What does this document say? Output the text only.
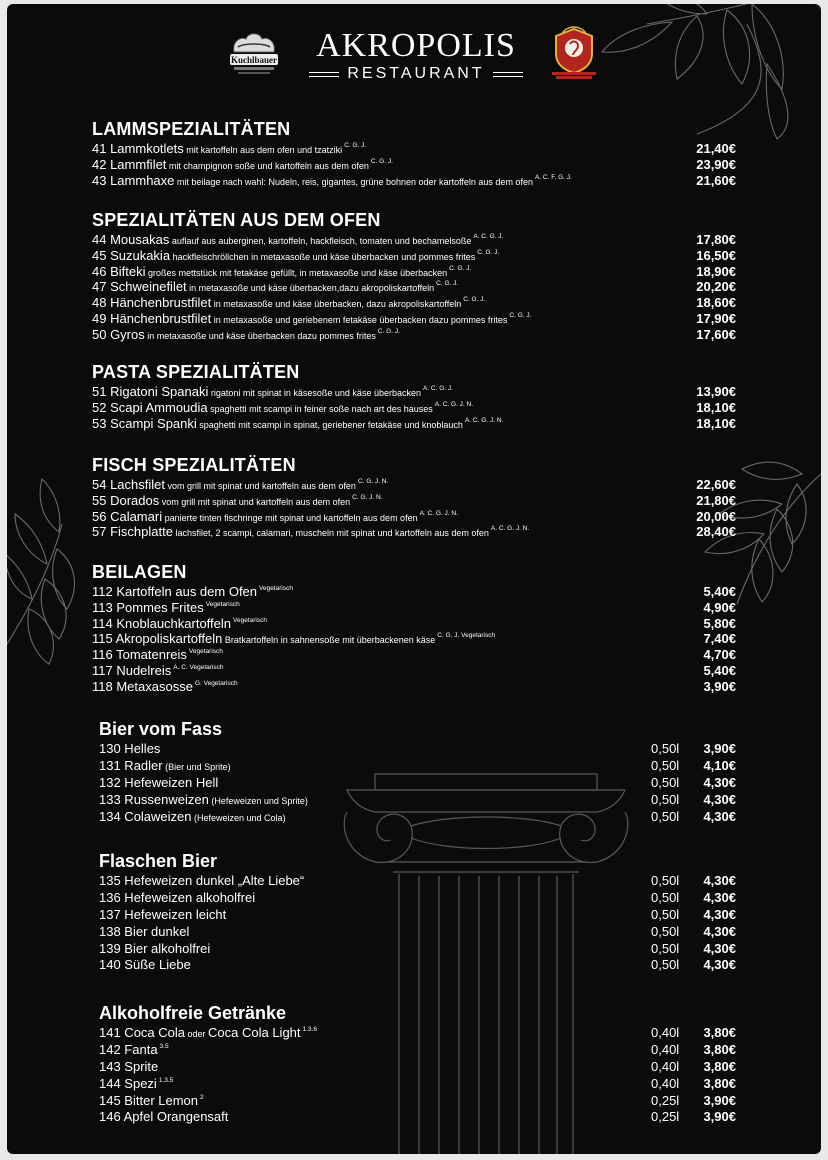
Kuchlbauer	AKROPOLIS
RESTAURANT
LAMMSPEZIALITÄTEN
41 Lammkotlets mit kartoffeln aus dem ofen und tzatziki $^{C. G. J.}$	21,40€
42 Lammfilet mit champignon soße und kartoffeln aus dem ofen $^{C. G. J.}$	23,90€
43 Lammhaxe mit beilage nach wahl: Nudeln, reis, gigantes, grüne bohnen oder kartoffeln aus dem ofen $^{A. C. F. G. J.}$	21,60€
SPEZIALITÄTEN AUS DEM OFEN
44 Mousakas auflauf aus auberginen, kartoffeln, hackfleisch, tomaten und bechamelsoße $^{A. C. G. J.}$	17,80€
45 Suzukakia hackfleischröllchen in metaxasoße und käse überbacken und pommes frites $^{C. G. J.}$	16,50€
46 Bifteki großes mettstück mit fetakäse gefüllt, in metaxasoße und käse überbacken $^{C. G. J.}$	18,90€
47 Schweinefilet in metaxasoße und käse überbacken,dazu akropoliskartoffeln $^{C. G. J.}$	20,20€
48 Hänchenbrustfilet in metaxasoße und käse überbacken, dazu akropoliskartoffeln $^{C. G. J.}$	18,60€
49 Hänchenbrustfilet in metaxasoße und geriebenem fetakäse überbacken dazu pommes frites $^{C. G. J.}$	17,90€
50 Gyros in metaxasoße und käse überbacken dazu pommes frites $^{C. G. J.}$	17,60€
PASTA SPEZIALITÄTEN
51 Rigatoni Spanaki rigatoni mit spinat in käsesoße und käse überbacken $^{A. C. G. J.}$	13,90€
52 Scapi Ammoudia spaghetti mit scampi in feiner soße nach art des hauses $^{A. C. G. J. N.}$	18,10€
53 Scampi Spanki spaghetti mit scampi in spinat, geriebener fetakäse und knoblauch $^{A. C. G. J. N.}$	18,10€
FISCH SPEZIALITÄTEN
54 Lachsfilet vom grill mit spinat und kartoffeln aus dem ofen $^{C. G. J. N.}$	22,60€
55 Dorados vom grill mit spinat und kartoffeln aus dem ofen $^{C. G. J. N.}$	21,80€
56 Calamari panierte tinten fischringe mit spinat und kartoffeln aus dem ofen $^{A. C. G. J. N.}$	20,00€
57 Fischplatte lachsfilet, 2 scampi, calamari, muscheln mit spinat und kartoffeln aus dem ofen $^{A. C. G. J. N.}$	28,40€
BEILAGEN
112 Kartoffeln aus dem Ofen $^{Vegetarisch}$	5,40€
113 Pommes Frites $^{Vegetarisch}$	4,90€
114 Knoblauchkartoffeln $^{Vegetarisch}$	5,80€
115 Akropoliskartoffeln Bratkartoffeln in sahnensoße mit überbackenen käse $^{C. G. J. Vegetarisch}$	7,40€
116 Tomatenreis $^{Vegetarisch}$	4,70€
117 Nudelreis $^{A. C. Vegetarisch}$	5,40€
118 Metaxasosse $^{G. Vegetarisch}$	3,90€
Bier vom Fass
130 Helles	0,50l 3,90€
131 Radler (Bier und Sprite)	0,50l 4,10€
132 Hefeweizen Hell	0,50l 4,30€
133 Russenweizen (Hefeweizen und Sprite)	0,50l 4,30€
134 Colaweizen (Hefeweizen und Cola)	0,50l 4,30€
Flaschen Bier
135 Hefeweizen dunkel „Alte Liebe“	0,50l 4,30€
136 Hefeweizen alkoholfrei	0,50l 4,30€
137 Hefeweizen leicht	0,50l 4,30€
138 Bier dunkel	0,50l 4,30€
139 Bier alkoholfrei	0,50l 4,30€
140 Süße Liebe	0,50l 4,30€
Alkoholfreie Getränke
141 Coca Cola oder Coca Cola Light $^{1.3.6}$	0,40l 3,80€
142 Fanta $^{3.5}$	0,40l 3,80€
143 Sprite	0,40l 3,80€
144 Spezi $^{1.3.5}$	0,40l 3,80€
145 Bitter Lemon $^2$	0,25l 3,90€
146 Apfel Orangensaft	0,25l 3,90€
